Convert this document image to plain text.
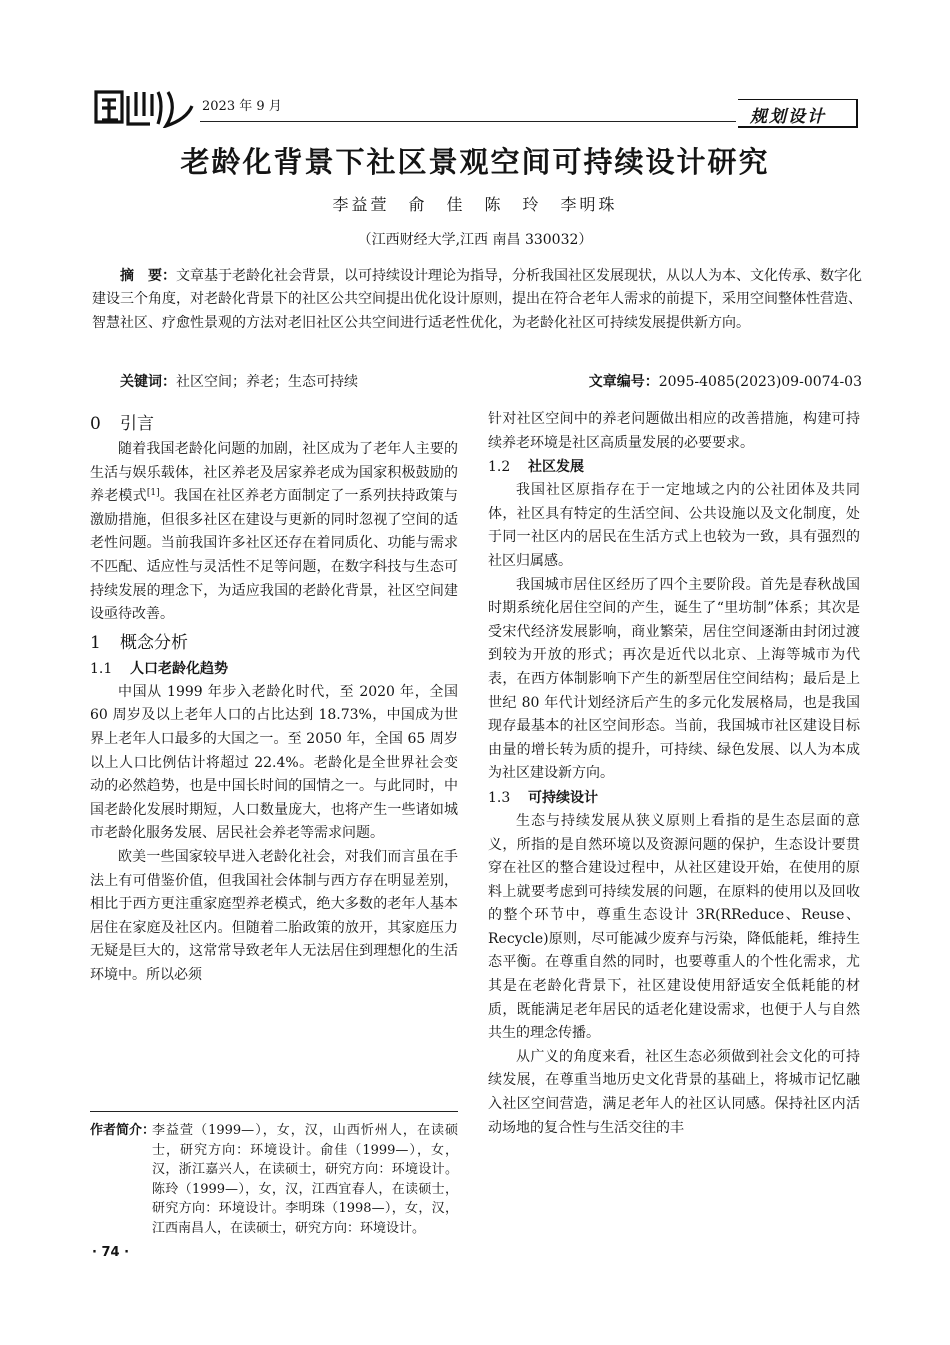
2023 年 9 月
规划设计
老龄化背景下社区景观空间可持续设计研究
李益萱　俞　佳　陈　玲　李明珠
（江西财经大学,江西 南昌 330032）
摘　要：文章基于老龄化社会背景，以可持续设计理论为指导，分析我国社区发展现状，从以人为本、文化传承、数字化建设三个角度，对老龄化背景下的社区公共空间提出优化设计原则，提出在符合老年人需求的前提下，采用空间整体性营造、智慧社区、疗愈性景观的方法对老旧社区公共空间进行适老性优化，为老龄化社区可持续发展提供新方向。
关键词：社区空间；养老；生态可持续	文章编号：2095-4085(2023)09-0074-03
0 引言

随着我国老龄化问题的加剧，社区成为了老年人主要的生活与娱乐载体，社区养老及居家养老成为国家积极鼓励的养老模式[1]。我国在社区养老方面制定了一系列扶持政策与激励措施，但很多社区在建设与更新的同时忽视了空间的适老性问题。当前我国许多社区还存在着同质化、功能与需求不匹配、适应性与灵活性不足等问题，在数字科技与生态可持续发展的理念下，为适应我国的老龄化背景，社区空间建设亟待改善。

1 概念分析
1.1 人口老龄化趋势

中国从 1999 年步入老龄化时代，至 2020 年，全国 60 周岁及以上老年人口的占比达到 18.73%，中国成为世界上老年人口最多的大国之一。至 2050 年，全国 65 周岁以上人口比例估计将超过 22.4%。老龄化是全世界社会变动的必然趋势，也是中国长时间的国情之一。与此同时，中国老龄化发展时期短，人口数量庞大，也将产生一些诸如城市老龄化服务发展、居民社会养老等需求问题。

欧美一些国家较早进入老龄化社会，对我们而言虽在手法上有可借鉴价值，但我国社会体制与西方存在明显差别，相比于西方更注重家庭型养老模式，绝大多数的老年人基本居住在家庭及社区内。但随着二胎政策的放开，其家庭压力无疑是巨大的，这常常导致老年人无法居住到理想化的生活环境中。所以必须

作者简介：
李益萱（1999—），女，汉，山西忻州人，在读硕士，研究方向：环境设计。俞佳（1999—），女，汉，浙江嘉兴人，在读硕士，研究方向：环境设计。陈玲（1999—），女，汉，江西宜春人，在读硕士，研究方向：环境设计。李明珠（1998—），女，汉，江西南昌人，在读硕士，研究方向：环境设计。
· 74 ·

针对社区空间中的养老问题做出相应的改善措施，构建可持续养老环境是社区高质量发展的必要要求。

1.2 社区发展

我国社区原指存在于一定地域之内的公社团体及共同体，社区具有特定的生活空间、公共设施以及文化制度，处于同一社区内的居民在生活方式上也较为一致，具有强烈的社区归属感。

我国城市居住区经历了四个主要阶段。首先是春秋战国时期系统化居住空间的产生，诞生了“里坊制”体系；其次是受宋代经济发展影响，商业繁荣，居住空间逐渐由封闭过渡到较为开放的形式；再次是近代以北京、上海等城市为代表，在西方体制影响下产生的新型居住空间结构；最后是上世纪 80 年代计划经济后产生的多元化发展格局，也是我国现存最基本的社区空间形态。当前，我国城市社区建设目标由量的增长转为质的提升，可持续、绿色发展、以人为本成为社区建设新方向。

1.3 可持续设计

生态与持续发展从狭义原则上看指的是生态层面的意义，所指的是自然环境以及资源问题的保护，生态设计要贯穿在社区的整合建设过程中，从社区建设开始，在使用的原料上就要考虑到可持续发展的问题，在原料的使用以及回收的整个环节中，尊重生态设计 3R(RReduce、Reuse、Recycle)原则，尽可能减少废弃与污染，降低能耗，维持生态平衡。在尊重自然的同时，也要尊重人的个性化需求，尤其是在老龄化背景下，社区建设使用舒适安全低耗能的材质，既能满足老年居民的适老化建设需求，也便于人与自然共生的理念传播。

从广义的角度来看，社区生态必须做到社会文化的可持续发展，在尊重当地历史文化背景的基础上，将城市记忆融入社区空间营造，满足老年人的社区认同感。保持社区内活动场地的复合性与生活交往的丰
